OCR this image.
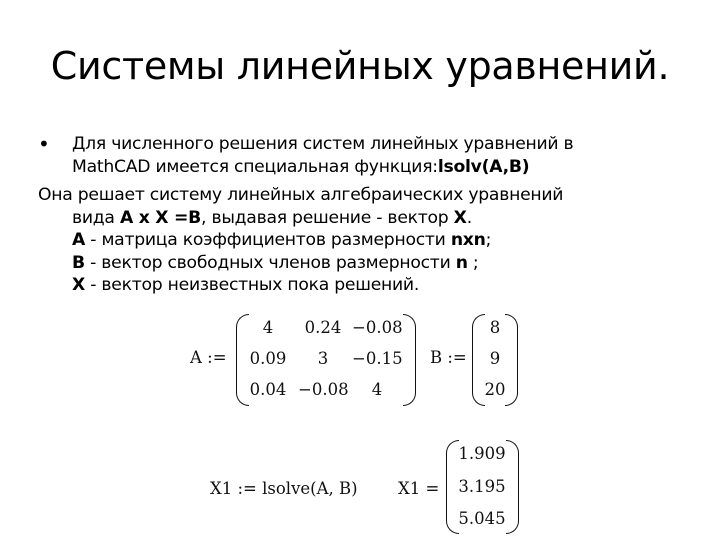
Системы линейных уравнений.
• Для численного решения систем линейных уравнений в
MathCAD имеется специальная функция:lsolv(A,B)
Она решает систему линейных алгебраических уравнений
вида A x X =B, выдавая решение - вектор X.
A - матрица коэффициентов размерности nxn;
B - вектор свободных членов размерности n ;
X - вектор неизвестных пока решений.
A :=
4	0.24 −0.08
0.09	3	−0.15
0.04 −0.08	4
B :=
8
9
20
X1 := lsolve(A, B) X1 =
1.909
3.195
5.045
